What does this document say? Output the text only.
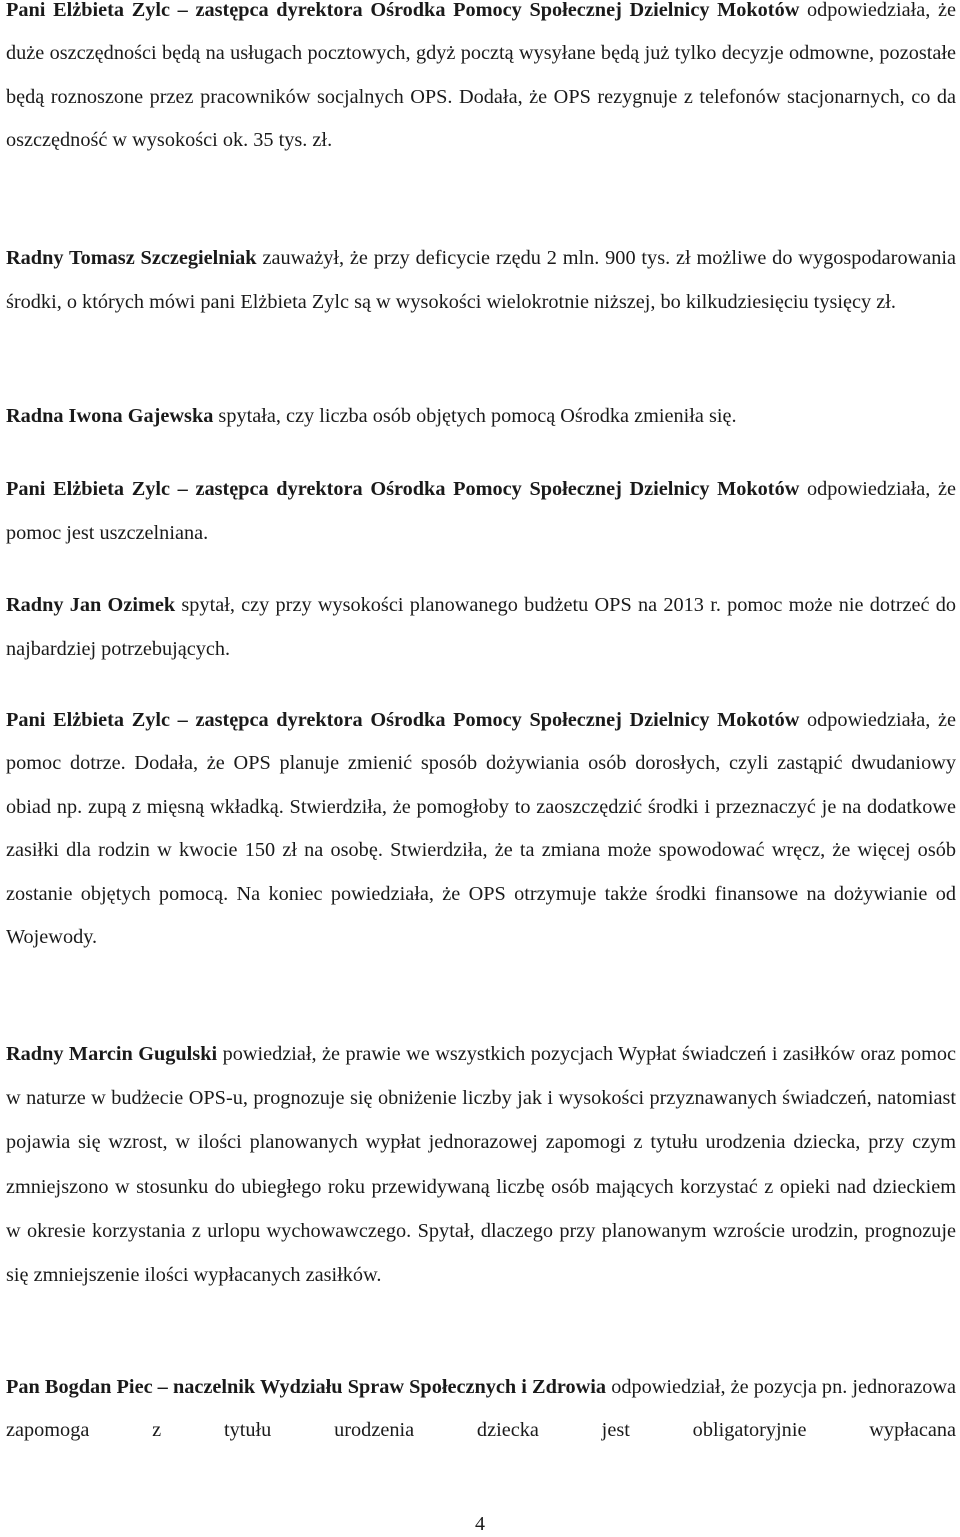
Pani Elżbieta Zylc – zastępca dyrektora Ośrodka Pomocy Społecznej Dzielnicy Mokotów odpowiedziała, że duże oszczędności będą na usługach pocztowych, gdyż pocztą wysyłane będą już tylko decyzje odmowne, pozostałe będą roznoszone przez pracowników socjalnych OPS. Dodała, że OPS rezygnuje z telefonów stacjonarnych, co da oszczędność w wysokości ok. 35 tys. zł.

Radny Tomasz Szczegielniak zauważył, że przy deficycie rzędu 2 mln. 900 tys. zł możliwe do wygospodarowania środki, o których mówi pani Elżbieta Zylc są w wysokości wielokrotnie niższej, bo kilkudziesięciu tysięcy zł.

Radna Iwona Gajewska spytała, czy liczba osób objętych pomocą Ośrodka zmieniła się.

Pani Elżbieta Zylc – zastępca dyrektora Ośrodka Pomocy Społecznej Dzielnicy Mokotów odpowiedziała, że pomoc jest uszczelniana.

Radny Jan Ozimek spytał, czy przy wysokości planowanego budżetu OPS na 2013 r. pomoc może nie dotrzeć do najbardziej potrzebujących.

Pani Elżbieta Zylc – zastępca dyrektora Ośrodka Pomocy Społecznej Dzielnicy Mokotów odpowiedziała, że pomoc dotrze. Dodała, że OPS planuje zmienić sposób dożywiania osób dorosłych, czyli zastąpić dwudaniowy obiad np. zupą z mięsną wkładką. Stwierdziła, że pomogłoby to zaoszczędzić środki i przeznaczyć je na dodatkowe zasiłki dla rodzin w kwocie 150 zł na osobę. Stwierdziła, że ta zmiana może spowodować wręcz, że więcej osób zostanie objętych pomocą. Na koniec powiedziała, że OPS otrzymuje także środki finansowe na dożywianie od Wojewody.

Radny Marcin Gugulski powiedział, że prawie we wszystkich pozycjach Wypłat świadczeń i zasiłków oraz pomoc w naturze w budżecie OPS-u, prognozuje się obniżenie liczby jak i wysokości przyznawanych świadczeń, natomiast pojawia się wzrost, w ilości planowanych wypłat jednorazowej zapomogi z tytułu urodzenia dziecka, przy czym zmniejszono w stosunku do ubiegłego roku przewidywaną liczbę osób mających korzystać z opieki nad dzieckiem w okresie korzystania z urlopu wychowawczego. Spytał, dlaczego przy planowanym wzroście urodzin, prognozuje się zmniejszenie ilości wypłacanych zasiłków.

Pan Bogdan Piec – naczelnik Wydziału Spraw Społecznych i Zdrowia odpowiedział, że pozycja pn. jednorazowa zapomoga z tytułu urodzenia dziecka jest obligatoryjnie wypłacana

4
